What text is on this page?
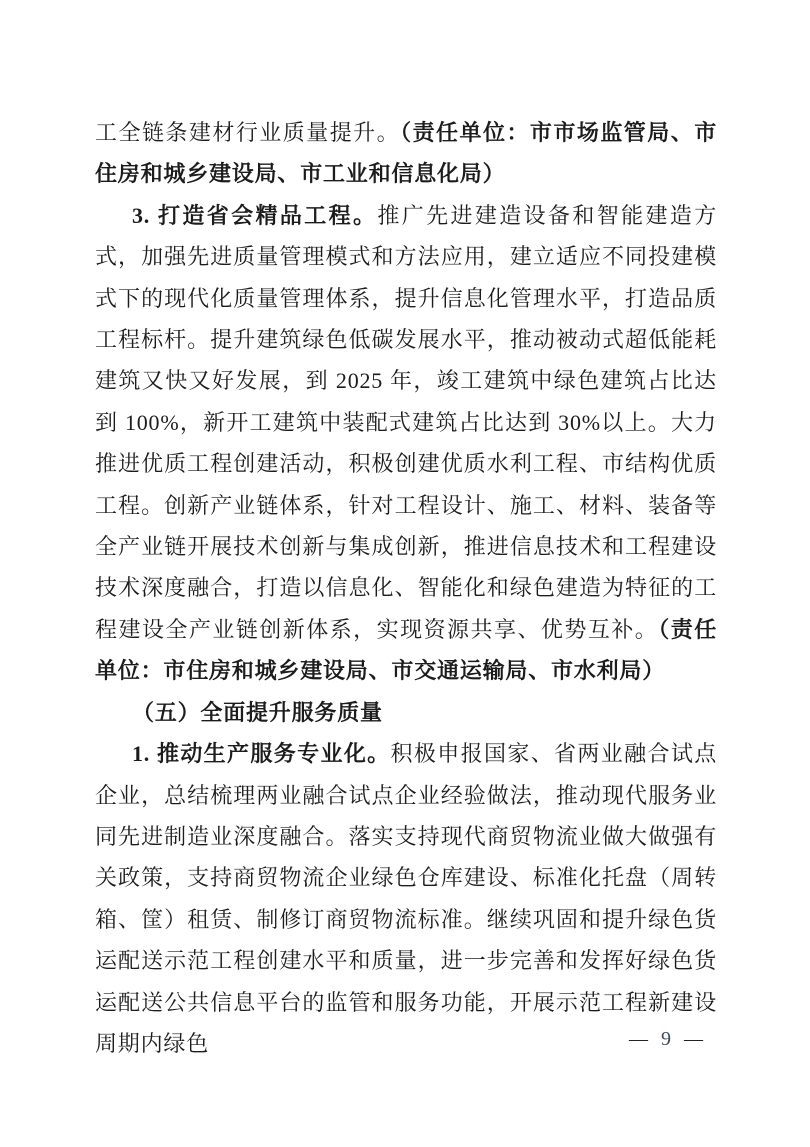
工全链条建材行业质量提升。（责任单位：市市场监管局、市住房和城乡建设局、市工业和信息化局）

3. 打造省会精品工程。推广先进建造设备和智能建造方式，加强先进质量管理模式和方法应用，建立适应不同投建模式下的现代化质量管理体系，提升信息化管理水平，打造品质工程标杆。提升建筑绿色低碳发展水平，推动被动式超低能耗建筑又快又好发展，到 2025 年，竣工建筑中绿色建筑占比达到 100%，新开工建筑中装配式建筑占比达到 30%以上。大力推进优质工程创建活动，积极创建优质水利工程、市结构优质工程。创新产业链体系，针对工程设计、施工、材料、装备等全产业链开展技术创新与集成创新，推进信息技术和工程建设技术深度融合，打造以信息化、智能化和绿色建造为特征的工程建设全产业链创新体系，实现资源共享、优势互补。（责任单位：市住房和城乡建设局、市交通运输局、市水利局）

（五）全面提升服务质量

1. 推动生产服务专业化。积极申报国家、省两业融合试点企业，总结梳理两业融合试点企业经验做法，推动现代服务业同先进制造业深度融合。落实支持现代商贸物流业做大做强有关政策，支持商贸物流企业绿色仓库建设、标准化托盘（周转箱、筐）租赁、制修订商贸物流标准。继续巩固和提升绿色货运配送示范工程创建水平和质量，进一步完善和发挥好绿色货运配送公共信息平台的监管和服务功能，开展示范工程新建设周期内绿色	— 9 —
